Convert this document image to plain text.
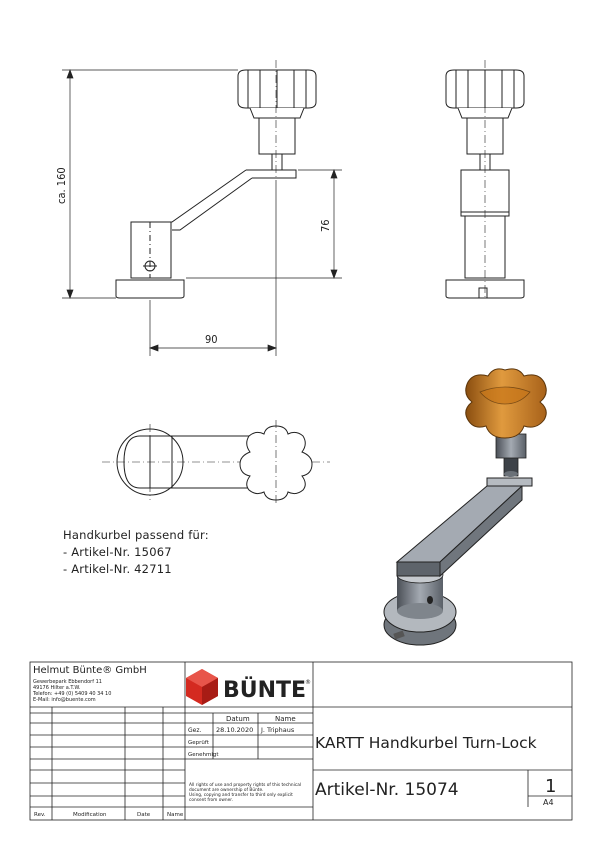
ca. 160
76
90
Helmut Bünte® GmbH
Gewerbepark Ebbendorf 11
49176 Hilter a.T.W.
Telefon: +49 (0) 5409 40 34 10
E-Mail: info@buente.com	BÜNTE
®
Datum	Name
Gez. 28.10.2020 J. Triphaus
Geprüft
Genehmigt
All rights of use and property rights of this technical
document are ownership of Bünte.
Using, copying and transfer to third only explicit
consent from owner.
KARTT Handkurbel Turn-Lock
Artikel-Nr. 15074	1
A4
Rev.	Modification	Date	Name
Handkurbel passend für:
- Artikel-Nr. 15067
- Artikel-Nr. 42711
